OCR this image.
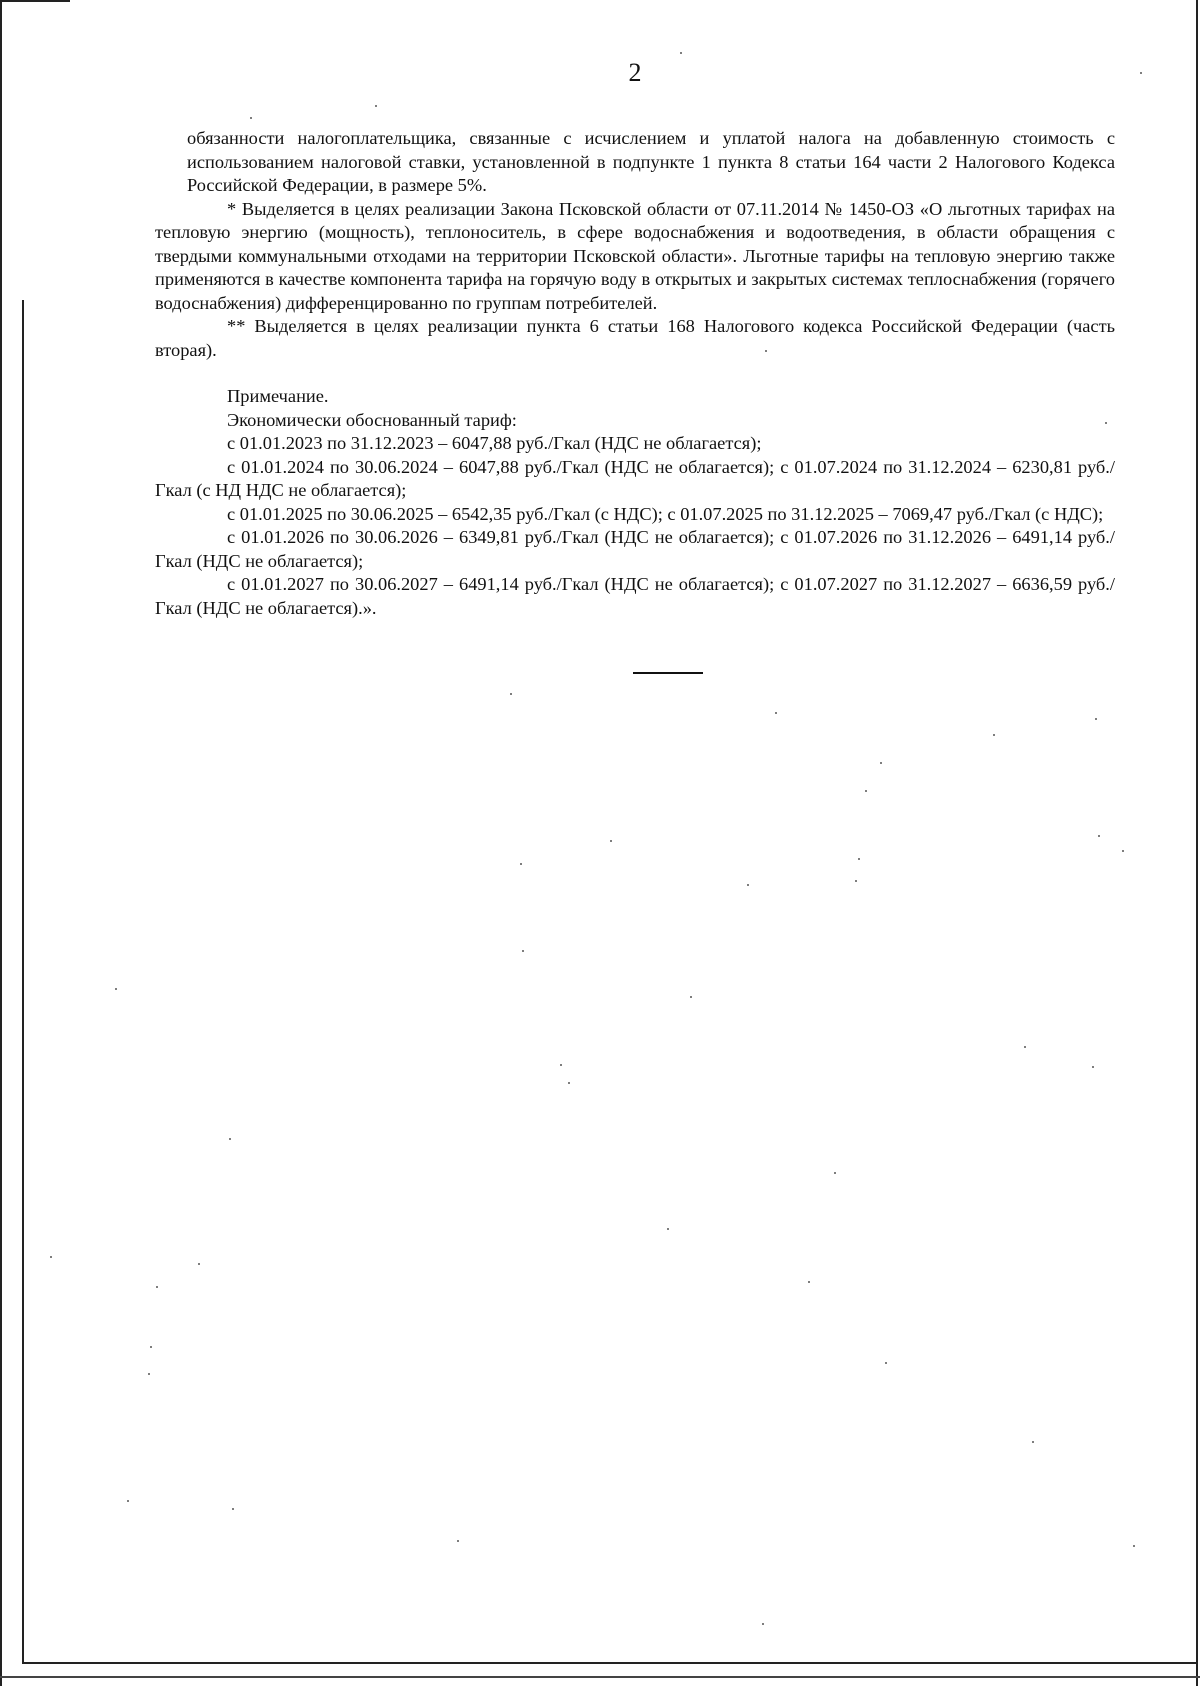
2

обязанности налогоплательщика, связанные с исчислением и уплатой налога на добавленную стоимость с использованием налоговой ставки, установленной в подпункте 1 пункта 8 статьи 164 части 2 Налогового Кодекса Российской Федерации, в размере 5%.

* Выделяется в целях реализации Закона Псковской области от 07.11.2014 № 1450-ОЗ «О льготных тарифах на тепловую энергию (мощность), теплоноситель, в сфере водоснабжения и водоотведения, в области обращения с твердыми коммунальными отходами на территории Псковской области». Льготные тарифы на тепловую энергию также применяются в качестве компонента тарифа на горячую воду в открытых и закрытых системах теплоснабжения (горячего водоснабжения) дифференцированно по группам потребителей.

** Выделяется в целях реализации пункта 6 статьи 168 Налогового кодекса Российской Федерации (часть вторая).

Примечание.

Экономически обоснованный тариф:

с 01.01.2023 по 31.12.2023 – 6047,88 руб./Гкал (НДС не облагается);

с 01.01.2024 по 30.06.2024 – 6047,88 руб./Гкал (НДС не облагается); с 01.07.2024 по 31.12.2024 – 6230,81 руб./Гкал (с НД НДС не облагается);

с 01.01.2025 по 30.06.2025 – 6542,35 руб./Гкал (с НДС); с 01.07.2025 по 31.12.2025 – 7069,47 руб./Гкал (с НДС);

с 01.01.2026 по 30.06.2026 – 6349,81 руб./Гкал (НДС не облагается); с 01.07.2026 по 31.12.2026 – 6491,14 руб./Гкал (НДС не облагается);

с 01.01.2027 по 30.06.2027 – 6491,14 руб./Гкал (НДС не облагается); с 01.07.2027 по 31.12.2027 – 6636,59 руб./Гкал (НДС не облагается).».
